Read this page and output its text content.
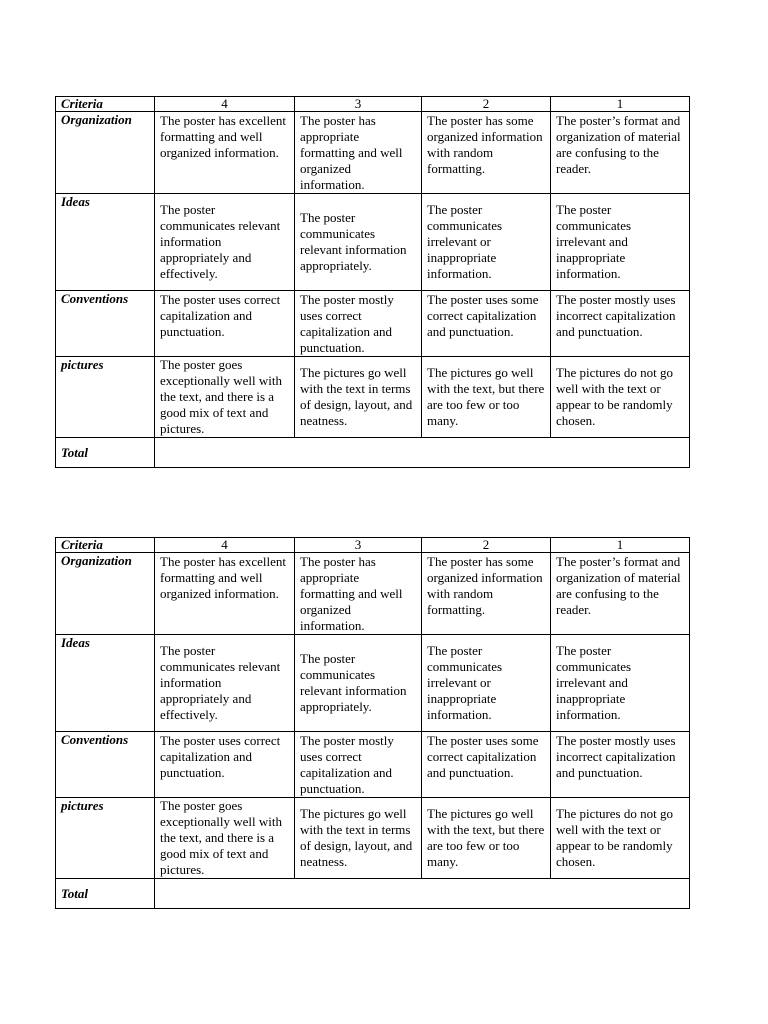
Criteria	4	3	2	1
Organization	The poster has excellent formatting and well organized information.	The poster has appropriate formatting and well organized information.	The poster has some organized information with random formatting.	The poster’s format and organization of material are confusing to the reader.
Ideas	The poster communicates relevant information appropriately and effectively.	The poster communicates relevant information appropriately.	The poster communicates irrelevant or inappropriate information.	The poster communicates irrelevant and inappropriate information.
Conventions	The poster uses correct capitalization and punctuation.	The poster mostly uses correct capitalization and punctuation.	The poster uses some correct capitalization and punctuation.	The poster mostly uses incorrect capitalization and punctuation.
pictures	The poster goes exceptionally well with the text, and there is a good mix of text and pictures.	The pictures go well with the text in terms of design, layout, and neatness.	The pictures go well with the text, but there are too few or too many.	The pictures do not go well with the text or appear to be randomly chosen.
Total				
Criteria	4	3	2	1
Organization	The poster has excellent formatting and well organized information.	The poster has appropriate formatting and well organized information.	The poster has some organized information with random formatting.	The poster’s format and organization of material are confusing to the reader.
Ideas	The poster communicates relevant information appropriately and effectively.	The poster communicates relevant information appropriately.	The poster communicates irrelevant or inappropriate information.	The poster communicates irrelevant and inappropriate information.
Conventions	The poster uses correct capitalization and punctuation.	The poster mostly uses correct capitalization and punctuation.	The poster uses some correct capitalization and punctuation.	The poster mostly uses incorrect capitalization and punctuation.
pictures	The poster goes exceptionally well with the text, and there is a good mix of text and pictures.	The pictures go well with the text in terms of design, layout, and neatness.	The pictures go well with the text, but there are too few or too many.	The pictures do not go well with the text or appear to be randomly chosen.
Total				
